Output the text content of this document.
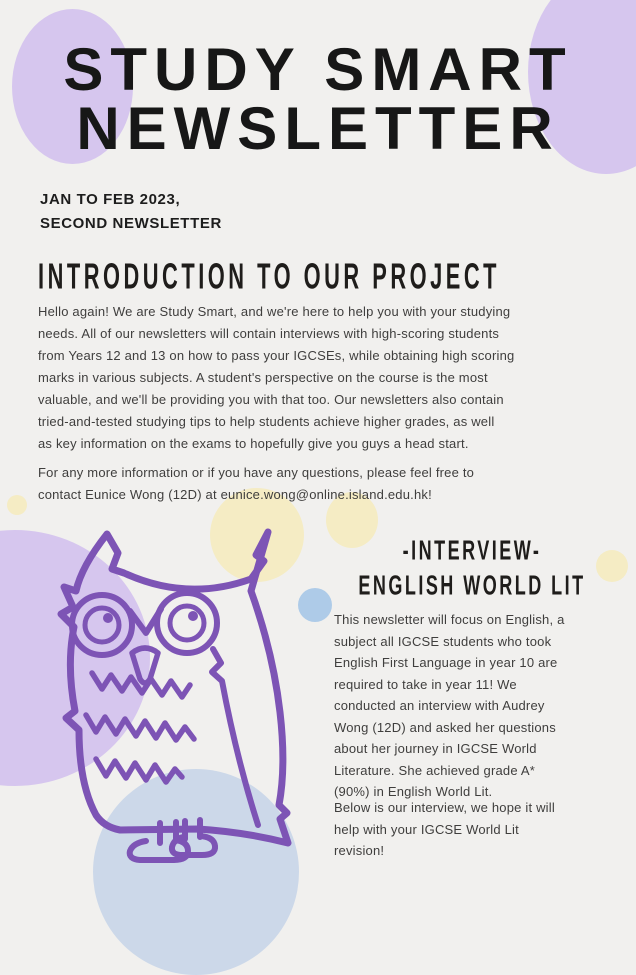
STUDY SMART
NEWSLETTER
JAN TO FEB 2023,
SECOND NEWSLETTER
INTRODUCTION TO OUR PROJECT
Hello again! We are Study Smart, and we're here to help you with your studying
needs. All of our newsletters will contain interviews with high-scoring students
from Years 12 and 13 on how to pass your IGCSEs, while obtaining high scoring
marks in various subjects. A student's perspective on the course is the most
valuable, and we'll be providing you with that too. Our newsletters also contain
tried-and-tested studying tips to help students achieve higher grades, as well
as key information on the exams to hopefully give you guys a head start.
For any more information or if you have any questions, please feel free to
contact Eunice Wong (12D) at eunice.wong@online.island.edu.hk!
-INTERVIEW-
ENGLISH WORLD LIT
This newsletter will focus on English, a
subject all IGCSE students who took
English First Language in year 10 are
required to take in year 11! We
conducted an interview with Audrey
Wong (12D) and asked her questions
about her journey in IGCSE World
Literature. She achieved grade A*
(90%) in English World Lit.
Below is our interview, we hope it will
help with your IGCSE World Lit
revision!
